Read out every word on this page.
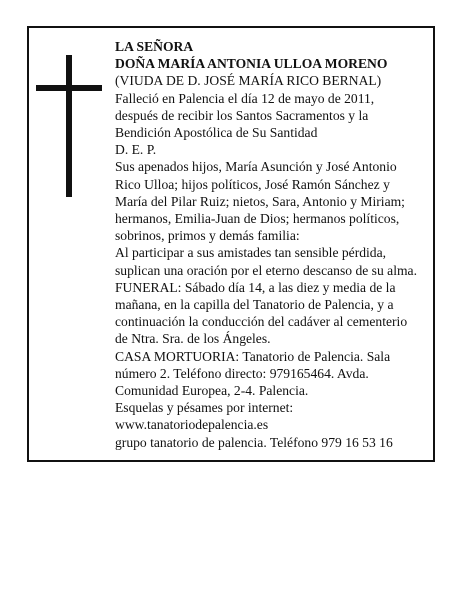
LA SEÑORA
DOÑA MARÍA ANTONIA ULLOA MORENO
(VIUDA DE D. JOSÉ MARÍA RICO BERNAL)
Falleció en Palencia el día 12 de mayo de 2011,
después de recibir los Santos Sacramentos y la
Bendición Apostólica de Su Santidad
D. E. P.
Sus apenados hijos, María Asunción y José Antonio
Rico Ulloa; hijos políticos, José Ramón Sánchez y
María del Pilar Ruiz; nietos, Sara, Antonio y Miriam;
hermanos, Emilia-Juan de Dios; hermanos políticos,
sobrinos, primos y demás familia:
Al participar a sus amistades tan sensible pérdida,
suplican una oración por el eterno descanso de su alma.
FUNERAL: Sábado día 14, a las diez y media de la
mañana, en la capilla del Tanatorio de Palencia, y a
continuación la conducción del cadáver al cementerio
de Ntra. Sra. de los Ángeles.
CASA MORTUORIA: Tanatorio de Palencia. Sala
número 2. Teléfono directo: 979165464. Avda.
Comunidad Europea, 2-4. Palencia.
Esquelas y pésames por internet:
www.tanatoriodepalencia.es
grupo tanatorio de palencia. Teléfono 979 16 53 16
